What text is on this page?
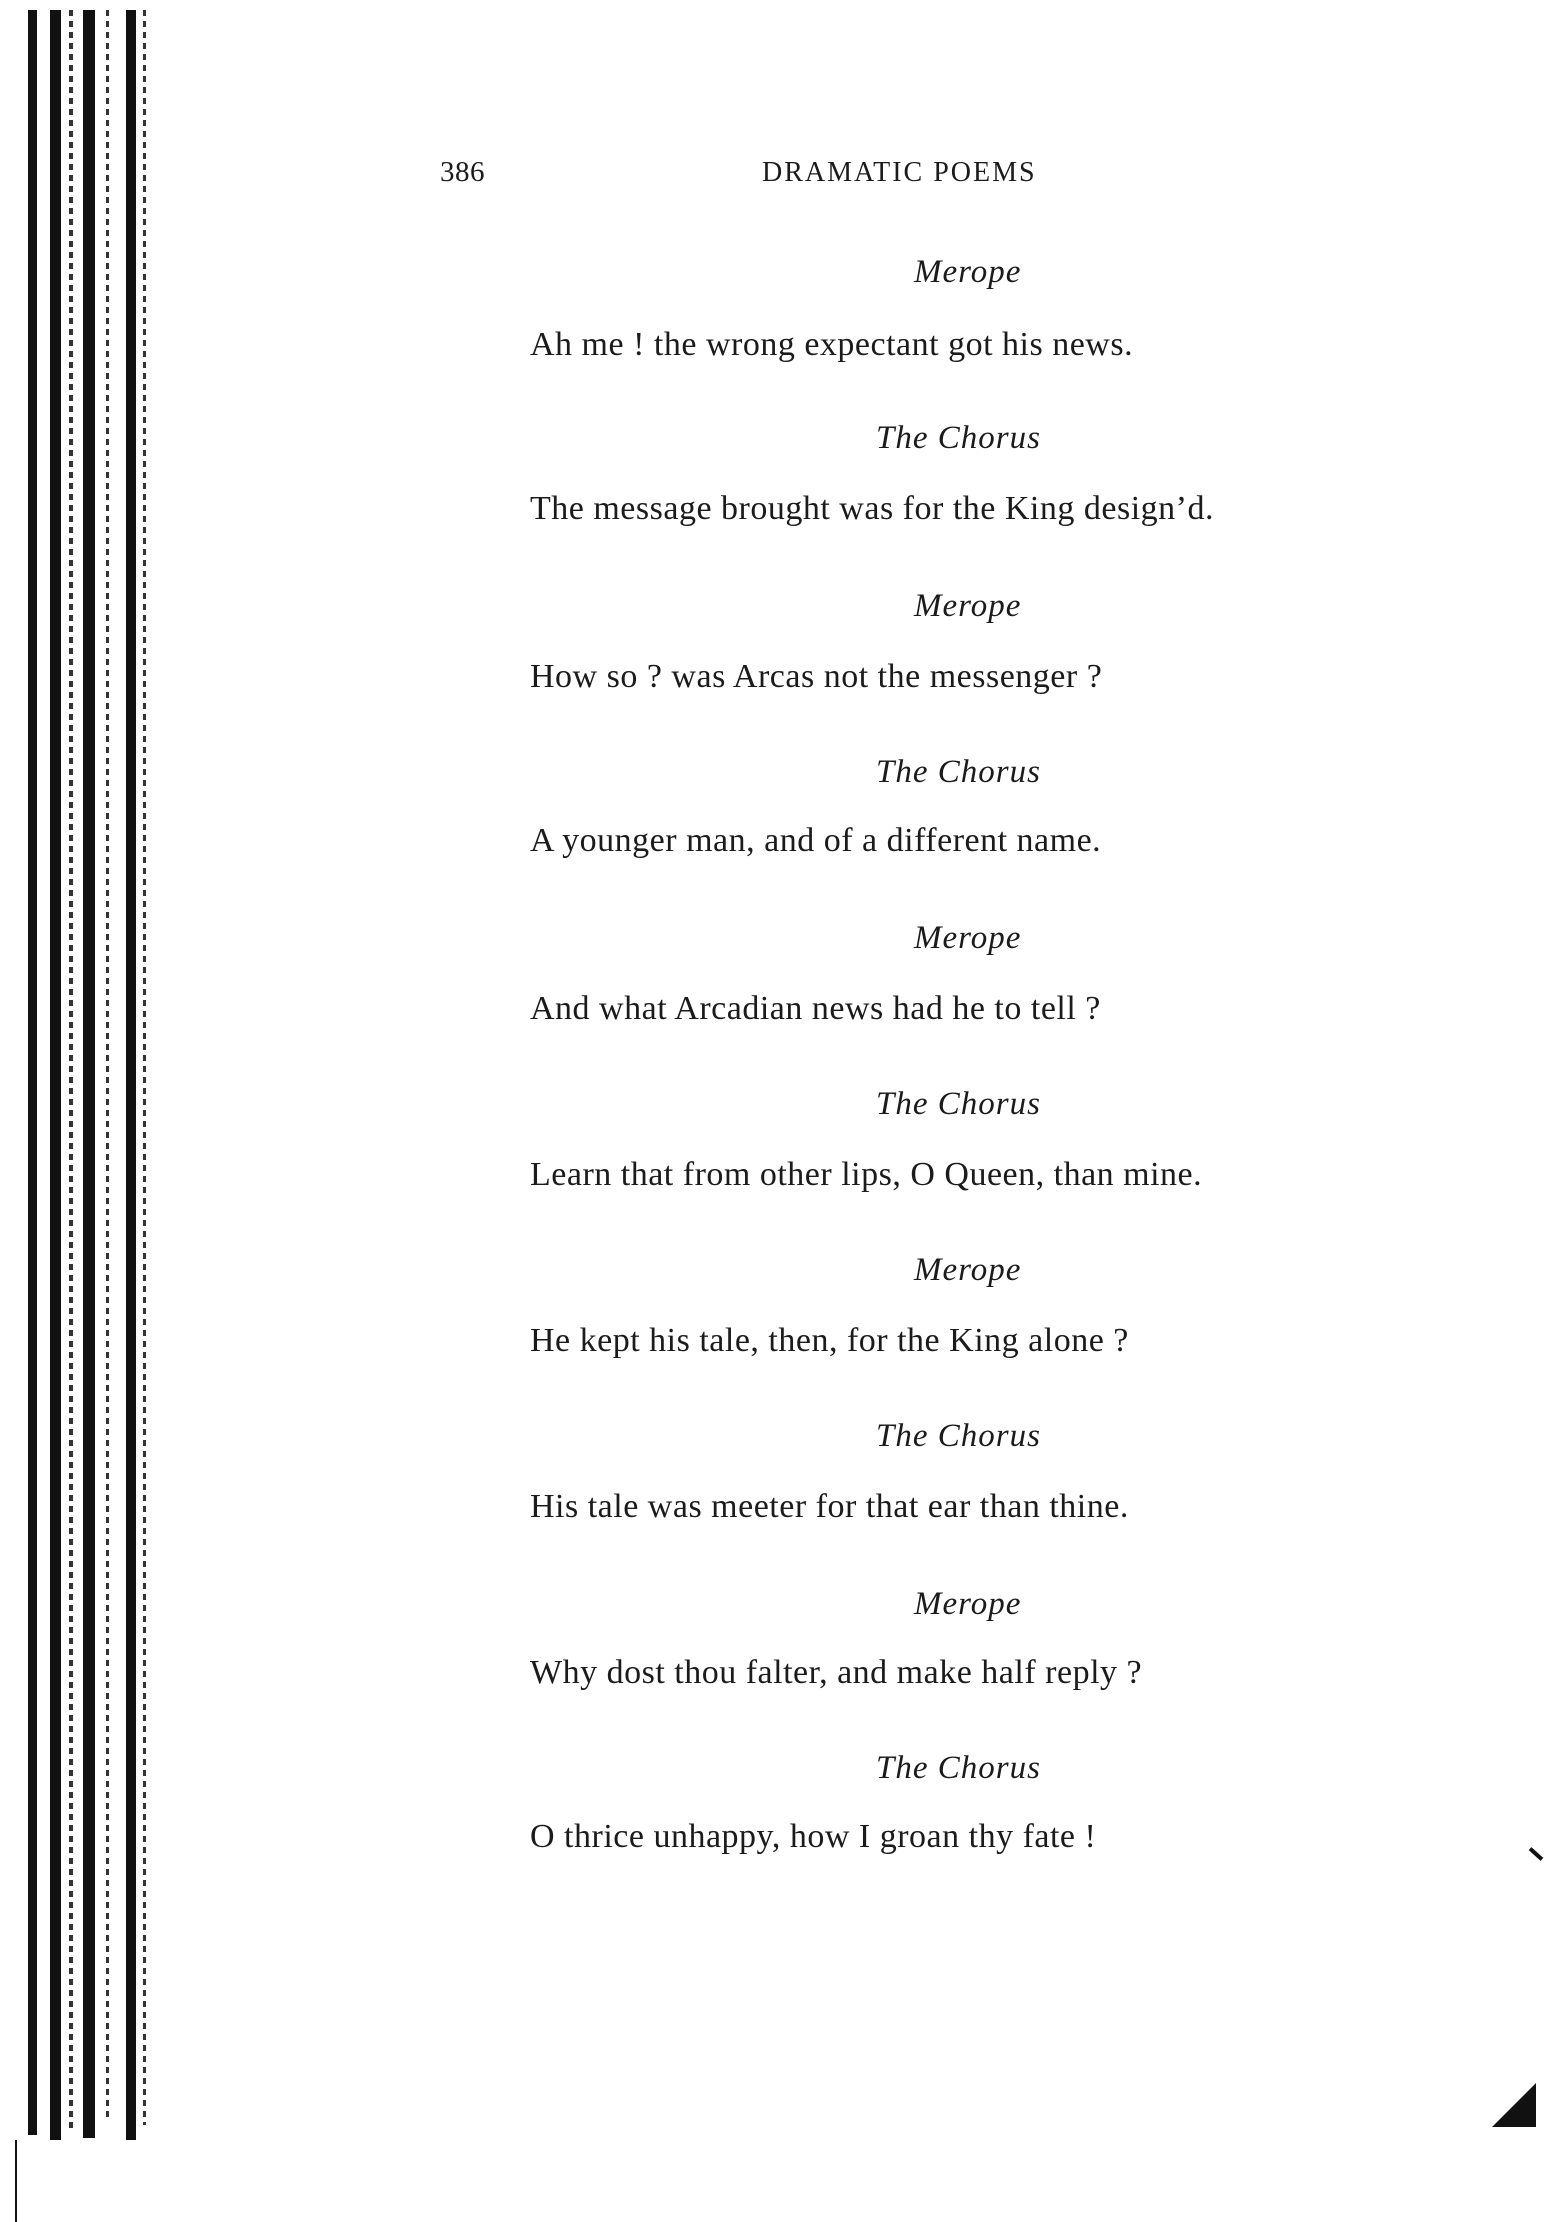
386	DRAMATIC POEMS
Merope
Ah me ! the wrong expectant got his news.
The Chorus
The message brought was for the King design’d.
Merope
How so ? was Arcas not the messenger ?
The Chorus
A younger man, and of a different name.
Merope
And what Arcadian news had he to tell ?
The Chorus
Learn that from other lips, O Queen, than mine.
Merope
He kept his tale, then, for the King alone ?
The Chorus
His tale was meeter for that ear than thine.
Merope
Why dost thou falter, and make half reply ?
The Chorus
O thrice unhappy, how I groan thy fate !
